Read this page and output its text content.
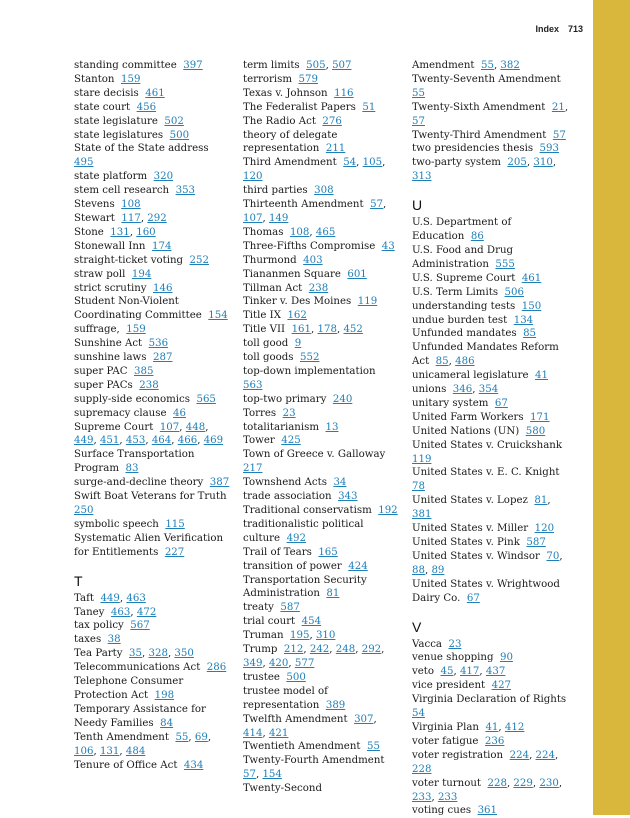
Index 713
standing committee 397
Stanton 159
stare decisis 461
state court 456
state legislature 502
state legislatures 500
State of the State address  495
state platform 320
stem cell research 353
Stevens 108
Stewart 117, 292
Stone 131, 160
Stonewall Inn 174
straight-ticket voting 252
straw poll 194
strict scrutiny 146
Student Non-Violent Coordinating Committee 154
suffrage, 159
Sunshine Act 536
sunshine laws 287
super PAC 385
super PACs 238
supply-side economics 565
supremacy clause 46
Supreme Court 107, 448, 449, 451, 453, 464, 466, 469
Surface Transportation Program 83
surge-and-decline theory 387
Swift Boat Veterans for Truth  250
symbolic speech 115
Systematic Alien Verification for Entitlements 227
T
Taft 449, 463
Taney 463, 472
tax policy 567
taxes 38
Tea Party 35, 328, 350
Telecommunications Act 286
Telephone Consumer Protection Act 198
Temporary Assistance for Needy Families 84
Tenth Amendment 55, 69, 106, 131, 484
Tenure of Office Act 434
term limits 505, 507
terrorism 579
Texas v. Johnson 116
The Federalist Papers 51
The Radio Act 276
theory of delegate representation 211
Third Amendment 54, 105, 120
third parties 308
Thirteenth Amendment 57, 107, 149
Thomas 108, 465
Three-Fifths Compromise 43
Thurmond 403
Tiananmen Square 601
Tillman Act 238
Tinker v. Des Moines 119
Title IX 162
Title VII 161, 178, 452
toll good 9
toll goods 552
top-down implementation  563
top-two primary 240
Torres 23
totalitarianism 13
Tower 425
Town of Greece v. Galloway  217
Townshend Acts 34
trade association 343
Traditional conservatism 192
traditionalistic political culture 492
Trail of Tears 165
transition of power 424
Transportation Security Administration 81
treaty 587
trial court 454
Truman 195, 310
Trump 212, 242, 248, 292, 349, 420, 577
trustee 500
trustee model of representation 389
Twelfth Amendment 307, 414, 421
Twentieth Amendment 55
Twenty-Fourth Amendment  57, 154
Twenty-Second
Amendment 55, 382
Twenty-Seventh Amendment  55
Twenty-Sixth Amendment 21, 57
Twenty-Third Amendment 57
two presidencies thesis 593
two-party system 205, 310, 313
U
U.S. Department of Education 86
U.S. Food and Drug Administration 555
U.S. Supreme Court 461
U.S. Term Limits 506
understanding tests 150
undue burden test 134
Unfunded mandates 85
Unfunded Mandates Reform Act 85, 486
unicameral legislature 41
unions 346, 354
unitary system 67
United Farm Workers 171
United Nations (UN) 580
United States v. Cruickshank  119
United States v. E. C. Knight  78
United States v. Lopez 81, 381
United States v. Miller 120
United States v. Pink 587
United States v. Windsor 70, 88, 89
United States v. Wrightwood Dairy Co. 67
V
Vacca 23
venue shopping 90
veto 45, 417, 437
vice president 427
Virginia Declaration of Rights  54
Virginia Plan 41, 412
voter fatigue 236
voter registration 224, 224, 228
voter turnout 228, 229, 230, 233, 233
voting cues 361
